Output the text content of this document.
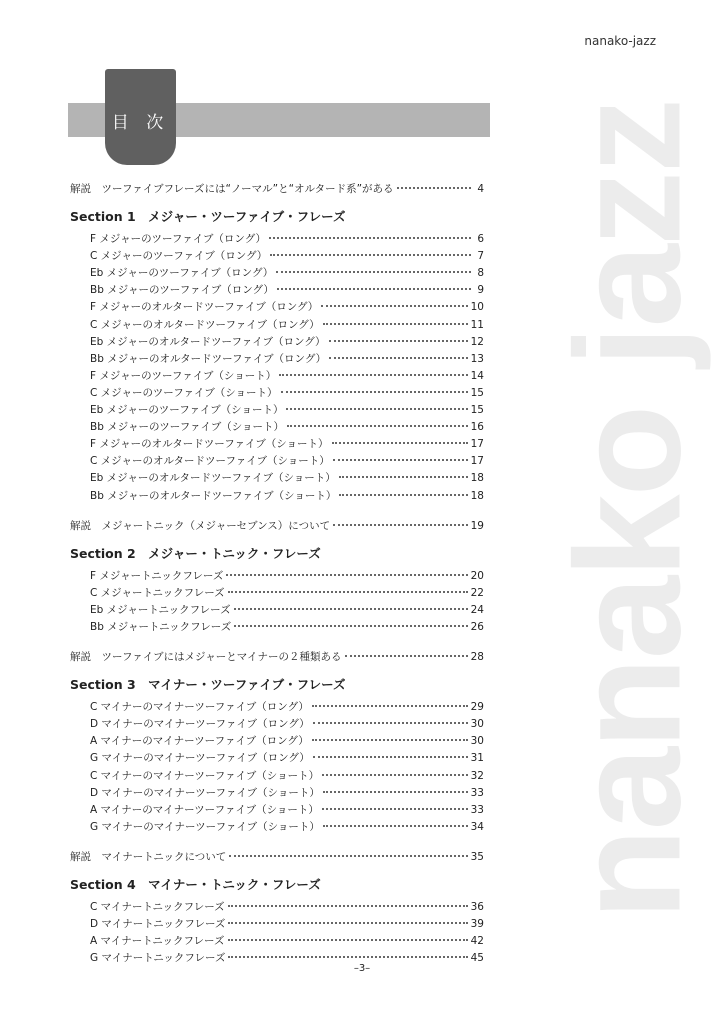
nanako jazz
nanako-jazz
目 次
解説　ツーファイブフレーズには“ノーマル”と“オルタード系”がある	4
Section 1　メジャー・ツーファイブ・フレーズ
F メジャーのツーファイブ（ロング）	6
C メジャーのツーファイブ（ロング）	7
Eb メジャーのツーファイブ（ロング）	8
Bb メジャーのツーファイブ（ロング）	9
F メジャーのオルタードツーファイブ（ロング）	10
C メジャーのオルタードツーファイブ（ロング）	11
Eb メジャーのオルタードツーファイブ（ロング）	12
Bb メジャーのオルタードツーファイブ（ロング）	13
F メジャーのツーファイブ（ショート）	14
C メジャーのツーファイブ（ショート）	15
Eb メジャーのツーファイブ（ショート）	15
Bb メジャーのツーファイブ（ショート）	16
F メジャーのオルタードツーファイブ（ショート）	17
C メジャーのオルタードツーファイブ（ショート）	17
Eb メジャーのオルタードツーファイブ（ショート）	18
Bb メジャーのオルタードツーファイブ（ショート）	18
解説　メジャートニック（メジャーセブンス）について	19
Section 2　メジャー・トニック・フレーズ
F メジャートニックフレーズ	20
C メジャートニックフレーズ	22
Eb メジャートニックフレーズ	24
Bb メジャートニックフレーズ	26
解説　ツーファイブにはメジャーとマイナーの２種類ある	28
Section 3　マイナー・ツーファイブ・フレーズ
C マイナーのマイナーツーファイブ（ロング）	29
D マイナーのマイナーツーファイブ（ロング）	30
A マイナーのマイナーツーファイブ（ロング）	30
G マイナーのマイナーツーファイブ（ロング）	31
C マイナーのマイナーツーファイブ（ショート）	32
D マイナーのマイナーツーファイブ（ショート）	33
A マイナーのマイナーツーファイブ（ショート）	33
G マイナーのマイナーツーファイブ（ショート）	34
解説　マイナートニックについて	35
Section 4　マイナー・トニック・フレーズ
C マイナートニックフレーズ	36
D マイナートニックフレーズ	39
A マイナートニックフレーズ	42
G マイナートニックフレーズ	45
–3–
